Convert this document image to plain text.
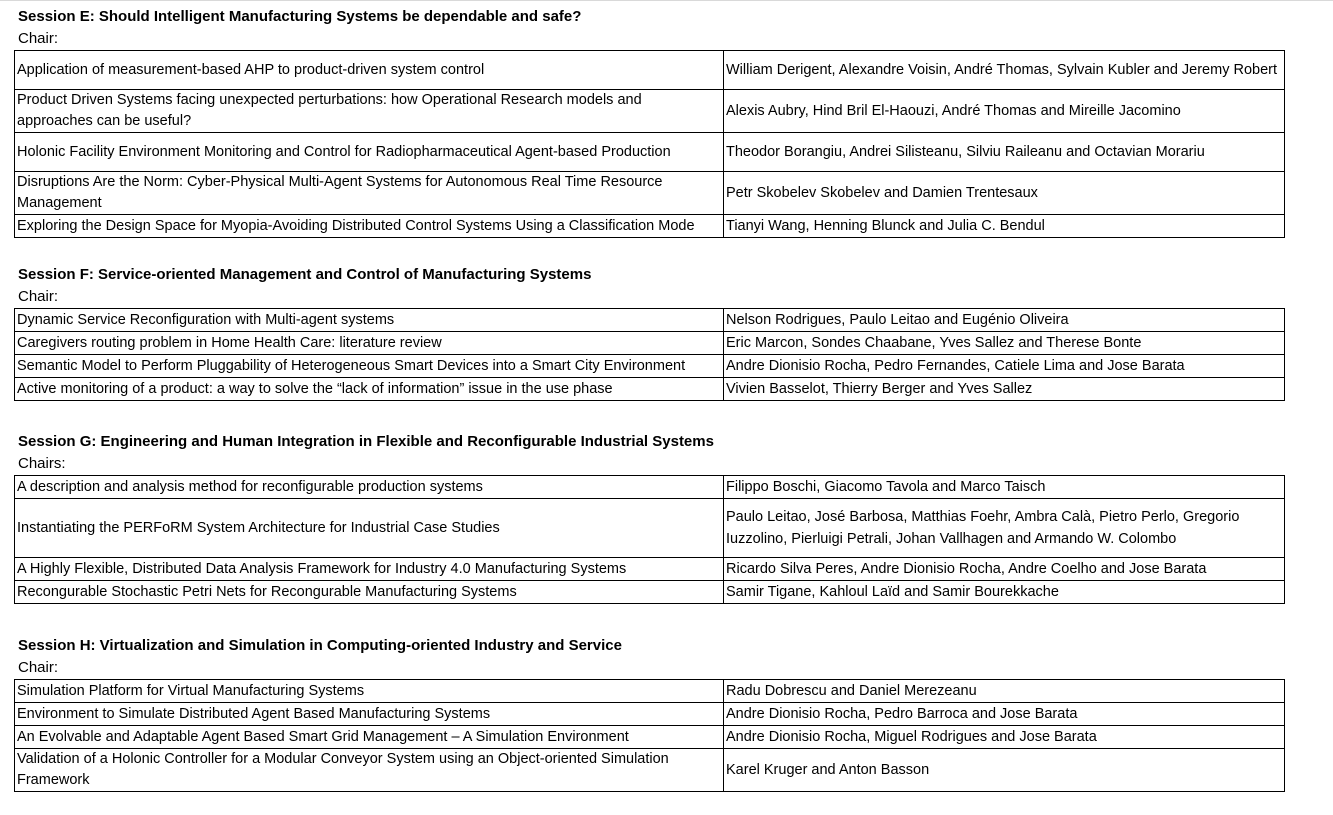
Session E: Should Intelligent Manufacturing Systems be dependable and safe?
Chair:
Application of measurement-based AHP to product-driven system control	William Derigent, Alexandre Voisin, André Thomas, Sylvain Kubler and Jeremy Robert
Product Driven Systems facing unexpected perturbations: how Operational Research models and approaches can be useful?	Alexis Aubry, Hind Bril El-Haouzi, André Thomas and Mireille Jacomino
Holonic Facility Environment Monitoring and Control for Radiopharmaceutical Agent-based Production	Theodor Borangiu, Andrei Silisteanu, Silviu Raileanu and Octavian Morariu
Disruptions Are the Norm: Cyber-Physical Multi-Agent Systems for Autonomous Real Time Resource Management	Petr Skobelev Skobelev and Damien Trentesaux
Exploring the Design Space for Myopia-Avoiding Distributed Control Systems Using a Classification Mode	Tianyi Wang, Henning Blunck and Julia C. Bendul
Session F: Service-oriented Management and Control of Manufacturing Systems
Chair:
Dynamic Service Reconfiguration with Multi-agent systems	Nelson Rodrigues, Paulo Leitao and Eugénio Oliveira
Caregivers routing problem in Home Health Care: literature review	Eric Marcon, Sondes Chaabane, Yves Sallez and Therese Bonte
Semantic Model to Perform Pluggability of Heterogeneous Smart Devices into a Smart City Environment	Andre Dionisio Rocha, Pedro Fernandes, Catiele Lima and Jose Barata
Active monitoring of a product: a way to solve the “lack of information” issue in the use phase	Vivien Basselot, Thierry Berger and Yves Sallez
Session G: Engineering and Human Integration in Flexible and Reconfigurable Industrial Systems
Chairs:
A description and analysis method for reconfigurable production systems	Filippo Boschi, Giacomo Tavola and Marco Taisch
Instantiating the PERFoRM System Architecture for Industrial Case Studies	Paulo Leitao, José Barbosa, Matthias Foehr, Ambra Calà, Pietro Perlo, Gregorio Iuzzolino, Pierluigi Petrali, Johan Vallhagen and Armando W. Colombo
A Highly Flexible, Distributed Data Analysis Framework for Industry 4.0 Manufacturing Systems	Ricardo Silva Peres, Andre Dionisio Rocha, Andre Coelho and Jose Barata
Recongurable Stochastic Petri Nets for Recongurable Manufacturing Systems	Samir Tigane, Kahloul Laïd and Samir Bourekkache
Session H: Virtualization and Simulation in Computing-oriented Industry and Service
Chair:
Simulation Platform for Virtual Manufacturing Systems	Radu Dobrescu and Daniel Merezeanu
Environment to Simulate Distributed Agent Based Manufacturing Systems	Andre Dionisio Rocha, Pedro Barroca and Jose Barata
An Evolvable and Adaptable Agent Based Smart Grid Management – A Simulation Environment	Andre Dionisio Rocha, Miguel Rodrigues and Jose Barata
Validation of a Holonic Controller for a Modular Conveyor System using an Object-oriented Simulation Framework	Karel Kruger and Anton Basson
